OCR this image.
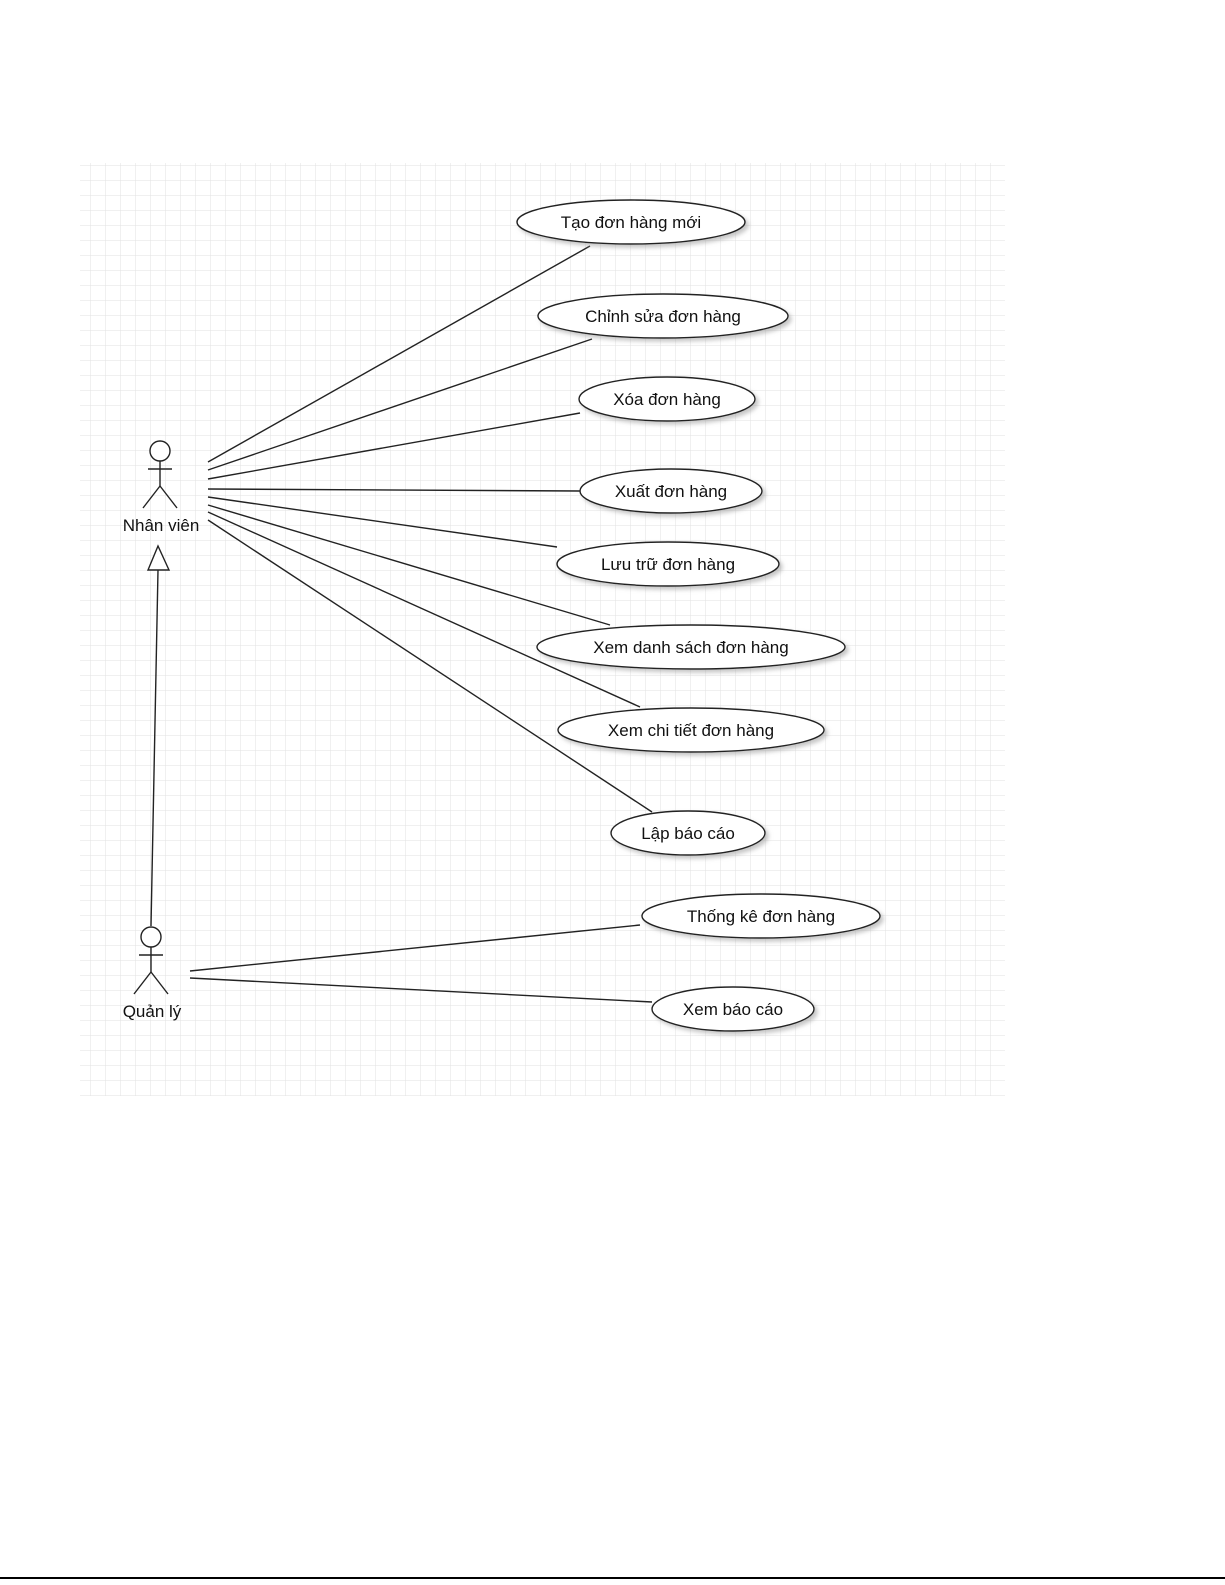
Nhân viên
Quản lý
Tạo đơn hàng mới
Chỉnh sửa đơn hàng
Xóa đơn hàng
Xuất đơn hàng
Lưu trữ đơn hàng
Xem danh sách đơn hàng
Xem chi tiết đơn hàng
Lập báo cáo
Thống kê đơn hàng
Xem báo cáo
